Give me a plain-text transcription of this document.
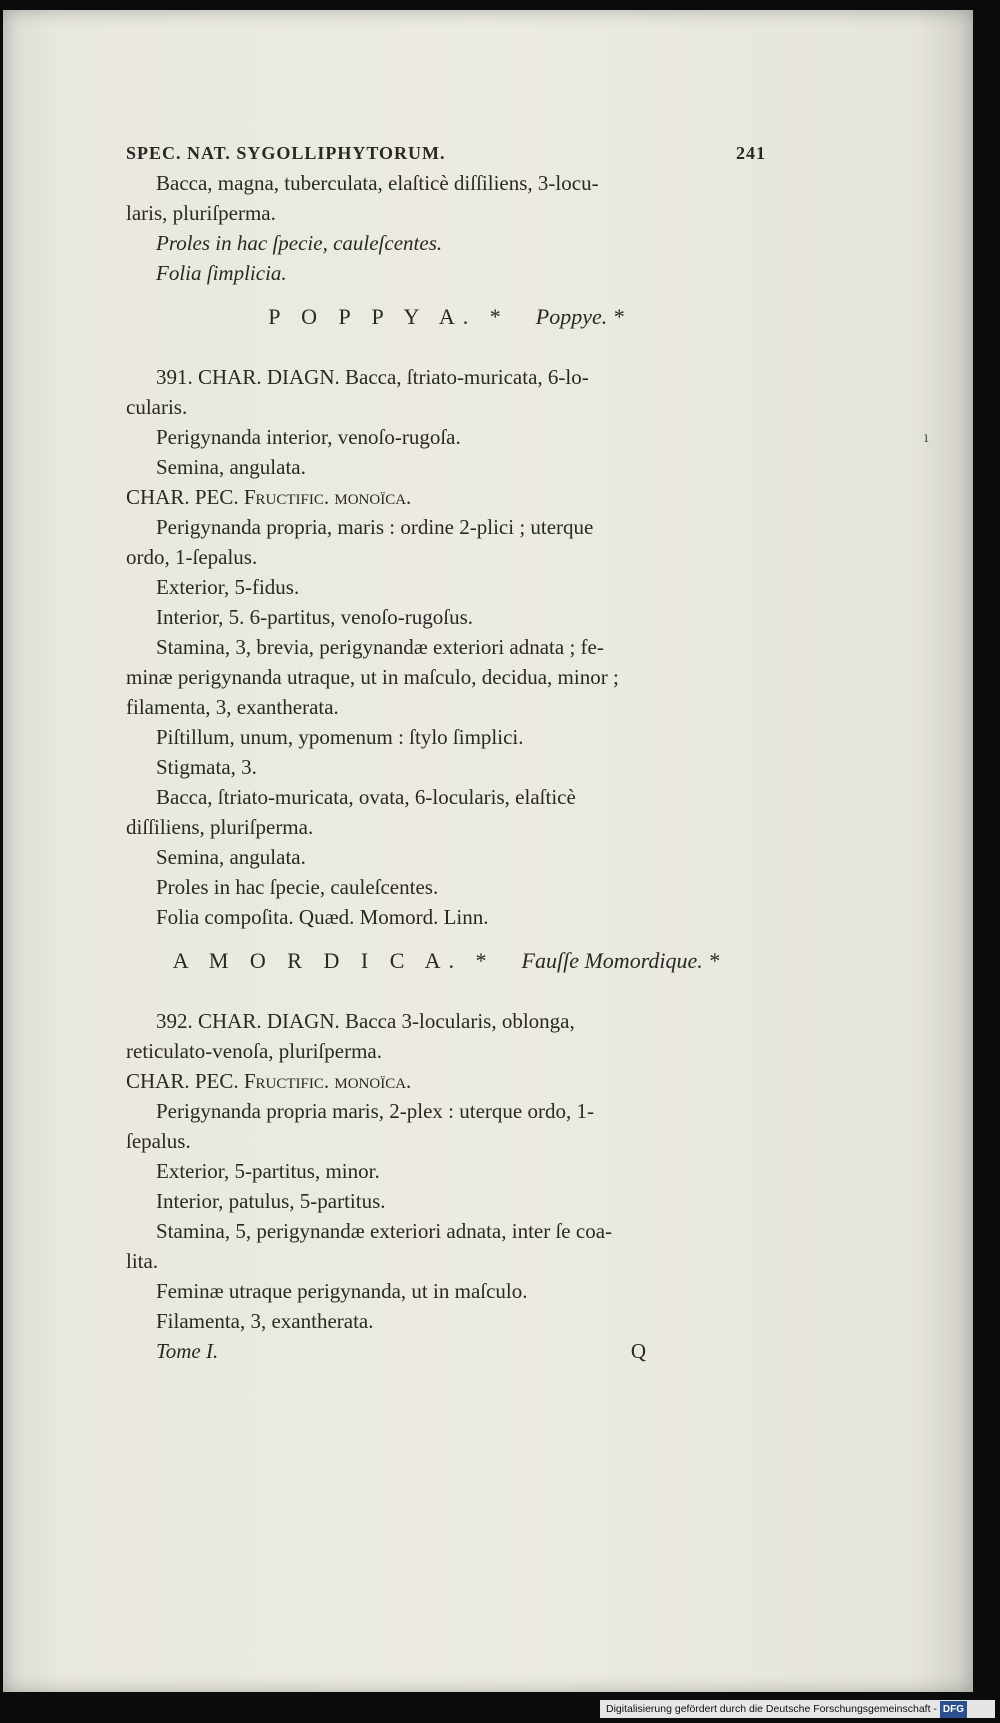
SPEC. NAT. SYGOLLIPHYTORUM.	241
Bacca, magna, tuberculata, elaſticè diſſiliens, 3-locu-
laris, pluriſperma.
Proles in hac ſpecie, cauleſcentes.
Folia ſimplicia.
P O P P Y A. * Poppye. *
391. CHAR. DIAGN. Bacca, ſtriato-muricata, 6-lo-
cularis.
Perigynanda interior, venoſo-rugoſa.
Semina, angulata.
CHAR. PEC. Fructific. monoïca.
Perigynanda propria, maris : ordine 2-plici ; uterque
ordo, 1-ſepalus.
Exterior, 5-fidus.
Interior, 5. 6-partitus, venoſo-rugoſus.
Stamina, 3, brevia, perigynandæ exteriori adnata ; fe-
minæ perigynanda utraque, ut in maſculo, decidua, minor ;
filamenta, 3, exantherata.
Piſtillum, unum, ypomenum : ſtylo ſimplici.
Stigmata, 3.
Bacca, ſtriato-muricata, ovata, 6-locularis, elaſticè
diſſiliens, pluriſperma.
Semina, angulata.
Proles in hac ſpecie, cauleſcentes.
Folia compoſita. Quæd. Momord. Linn.
A M O R D I C A. * Fauſſe Momordique. *
392. CHAR. DIAGN. Bacca 3-locularis, oblonga,
reticulato-venoſa, pluriſperma.
CHAR. PEC. Fructific. monoïca.
Perigynanda propria maris, 2-plex : uterque ordo, 1-
ſepalus.
Exterior, 5-partitus, minor.
Interior, patulus, 5-partitus.
Stamina, 5, perigynandæ exteriori adnata, inter ſe coa-
lita.
Feminæ utraque perigynanda, ut in maſculo.
Filamenta, 3, exantherata.
Tome I.	Q
ı
Digitalisierung gefördert durch die Deutsche Forschungsgemeinschaft - DFG
